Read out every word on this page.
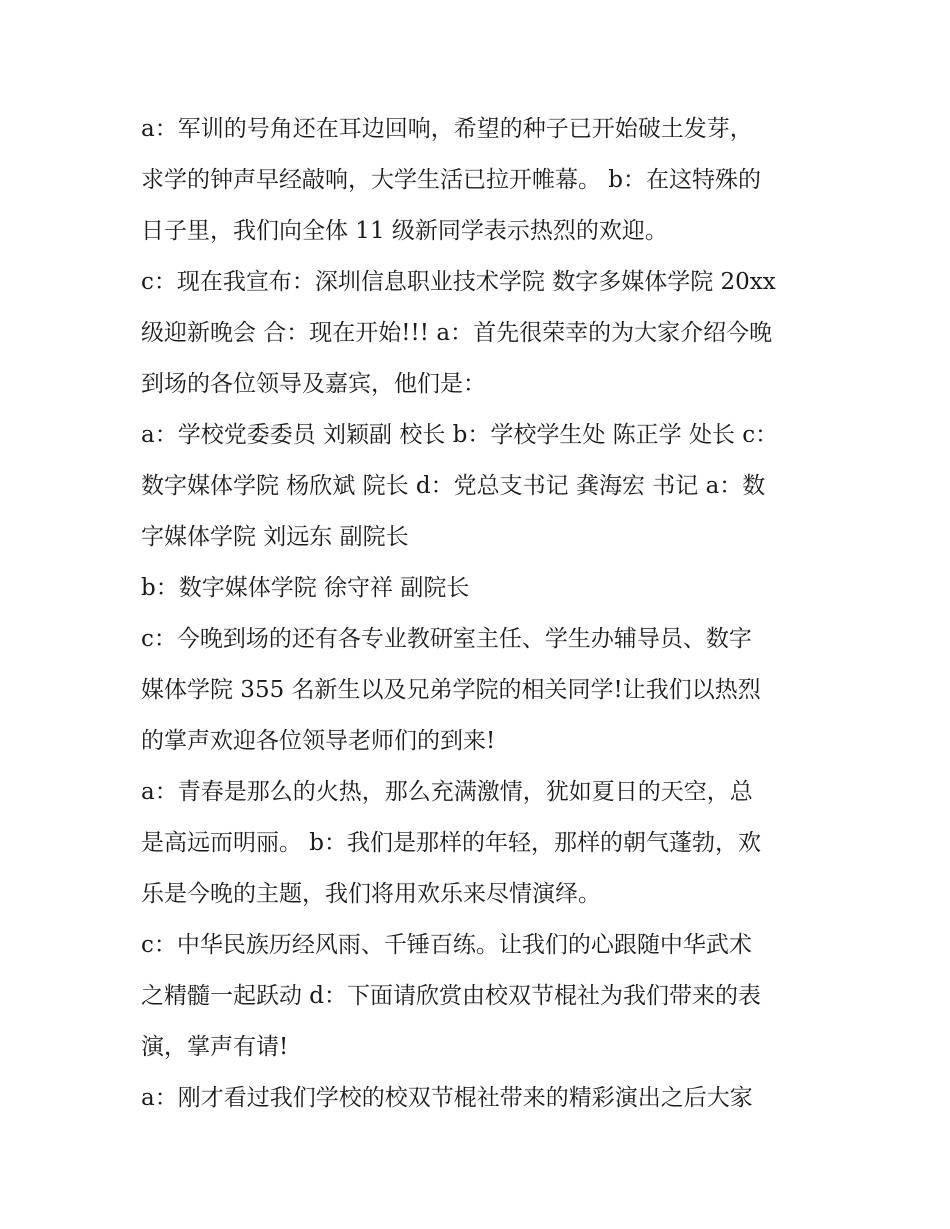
a：军训的号角还在耳边回响，希望的种子已开始破土发芽，
求学的钟声早经敲响，大学生活已拉开帷幕。 b：在这特殊的
日子里，我们向全体 11 级新同学表示热烈的欢迎。
c：现在我宣布：深圳信息职业技术学院 数字多媒体学院 20xx
级迎新晚会 合：现在开始!!! a：首先很荣幸的为大家介绍今晚
到场的各位领导及嘉宾，他们是：
a：学校党委委员 刘颖副 校长 b：学校学生处 陈正学 处长 c：
数字媒体学院 杨欣斌 院长 d：党总支书记 龚海宏 书记 a：数
字媒体学院 刘远东 副院长
b：数字媒体学院 徐守祥 副院长
c：今晚到场的还有各专业教研室主任、学生办辅导员、数字
媒体学院 355 名新生以及兄弟学院的相关同学!让我们以热烈
的掌声欢迎各位领导老师们的到来!
a：青春是那么的火热，那么充满激情，犹如夏日的天空，总
是高远而明丽。 b：我们是那样的年轻，那样的朝气蓬勃，欢
乐是今晚的主题，我们将用欢乐来尽情演绎。
c：中华民族历经风雨、千锤百练。让我们的心跟随中华武术
之精髓一起跃动 d：下面请欣赏由校双节棍社为我们带来的表
演，掌声有请!
a：刚才看过我们学校的校双节棍社带来的精彩演出之后大家
